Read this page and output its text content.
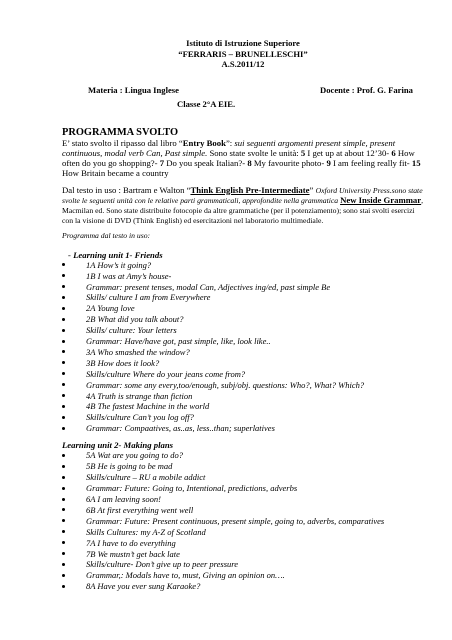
Istituto di Istruzione Superiore
“FERRARIS – BRUNELLESCHI”
A.S.2011/12
Materia : Lingua Inglese	Docente : Prof. G. Farina
Classe 2°A EIE.
PROGRAMMA SVOLTO

E’ stato svolto il ripasso dal libro “Entry Book”: sui seguenti argomenti present simple, present continuous, modal verb Can, Past simple. Sono state svolte le unità: 5 I get up at about 12’30- 6 How often do you go shopping?- 7 Do you speak Italian?- 8 My favourite photo- 9 I am feeling really fit- 15 How Britain became a country

Dal testo in uso : Bartram e Walton “Think English Pre-Intermediate” Oxford University Press.sono state svolte le seguenti unità con le relative parti grammaticali, approfondite nella grammatica New Inside Grammar, Macmilan ed. Sono state distribuite fotocopie da altre grammatiche (per il potenziamento); sono stai svolti esercizi con la visione di DVD (Think English) ed esercitazioni nel laboratorio multimediale.

Programma dal testo in uso:

- Learning unit 1- Friends
1A How’s it going?
1B I was at Amy’s house-
Grammar: present tenses, modal Can, Adjectives ing/ed, past simple Be
Skills/ culture I am from Everywhere
2A Young love
2B What did you talk about?
Skills/ culture: Your letters
Grammar: Have/have got, past simple, like, look like..
3A Who smashed the window?
3B How does it look?
Skills/culture Where do your jeans come from?
Grammar: some any every,too/enough, subj/obj. questions: Who?, What? Which?
4A Truth is strange than fiction
4B The fastest Machine in the world
Skills/culture Can’t you log off?
Grammar: Compaatives, as..as, less..than; superlatives
Learning unit 2- Making plans
5A Wat are you going to do?
5B He is going to be mad
Skills/culture – RU a mobile addict
Grammar: Future: Going to, Intentional, predictions, adverbs
6A I am leaving soon!
6B At first everything went well
Grammar: Future: Present continuous, present simple, going to, adverbs, comparatives
Skills Cultures: my A-Z of Scotland
7A I have to do everything
7B We mustn’t get back late
Skills/culture- Don’t give up to peer pressure
Grammar,: Modals have to, must, Giving an opinion on….
8A Have you ever sung Karaoke?
